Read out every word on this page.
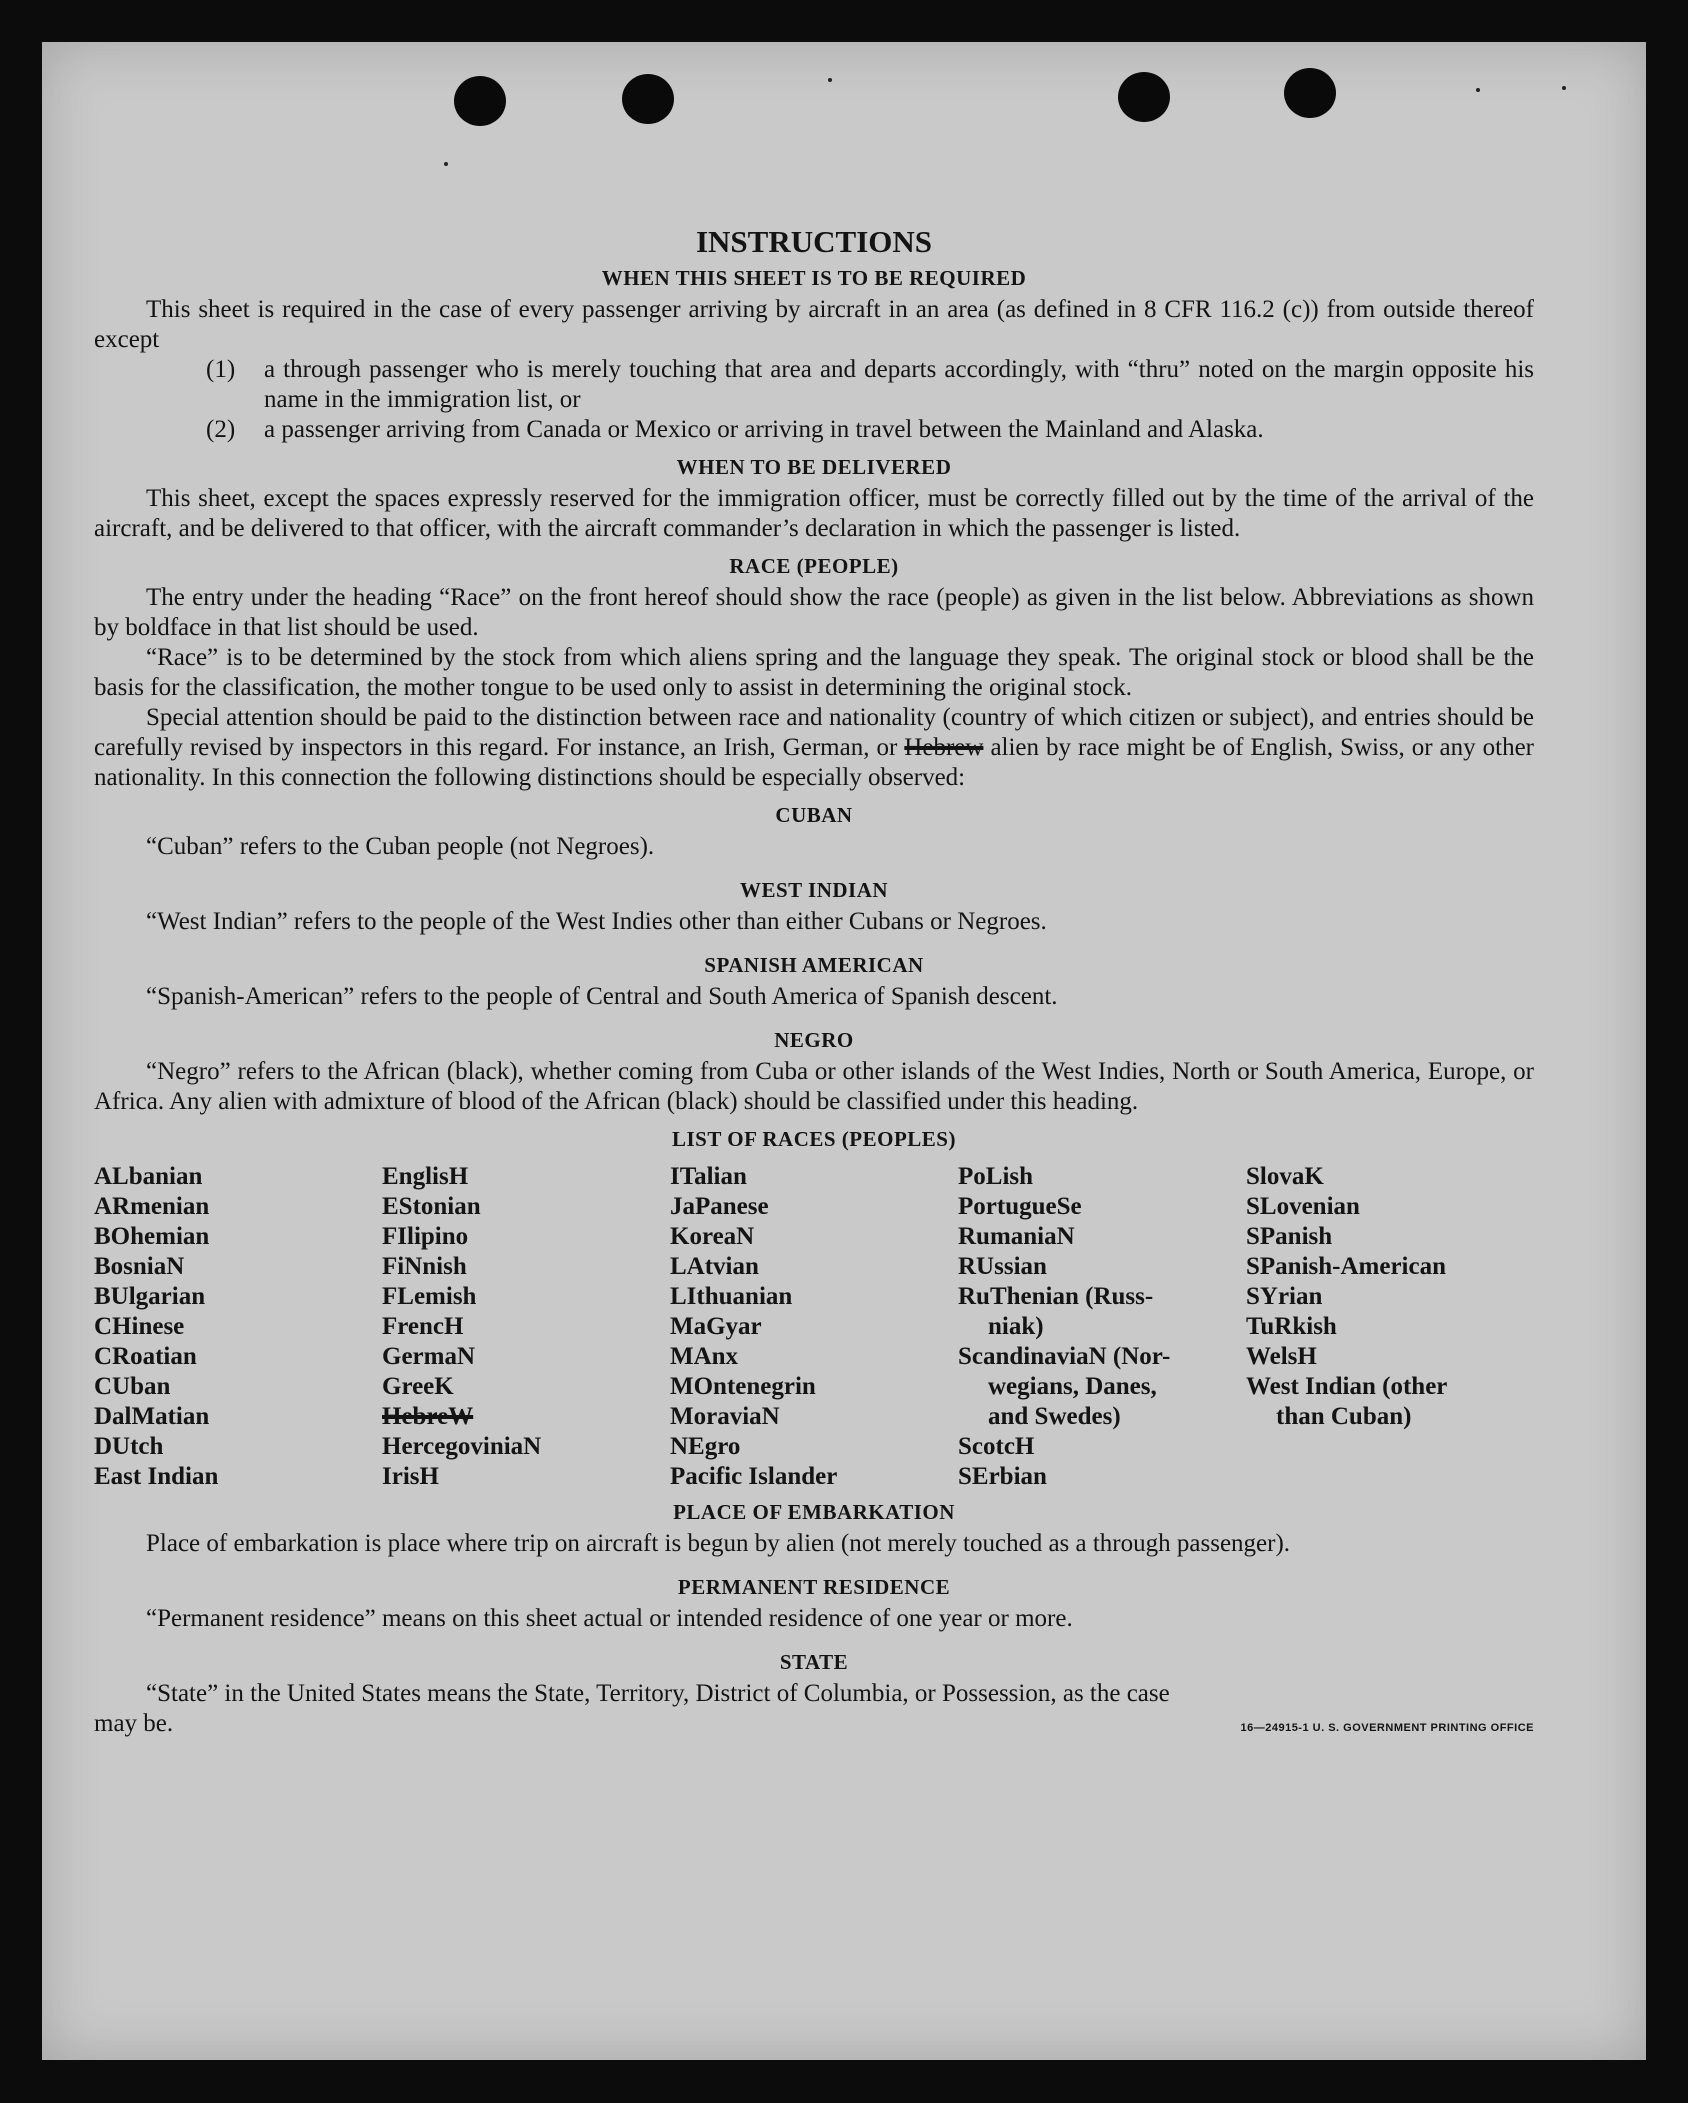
INSTRUCTIONS
WHEN THIS SHEET IS TO BE REQUIRED

This sheet is required in the case of every passenger arriving by aircraft in an area (as defined in 8 CFR 116.2 (c)) from outside thereof except

(1)	a through passenger who is merely touching that area and departs accordingly, with “thru” noted on the margin opposite his name in the immigration list, or
(2)	a passenger arriving from Canada or Mexico or arriving in travel between the Mainland and Alaska.
WHEN TO BE DELIVERED

This sheet, except the spaces expressly reserved for the immigration officer, must be correctly filled out by the time of the arrival of the aircraft, and be delivered to that officer, with the aircraft commander’s declaration in which the passenger is listed.

RACE (PEOPLE)

The entry under the heading “Race” on the front hereof should show the race (people) as given in the list below. Abbreviations as shown by boldface in that list should be used.

“Race” is to be determined by the stock from which aliens spring and the language they speak. The original stock or blood shall be the basis for the classification, the mother tongue to be used only to assist in determining the original stock.

Special attention should be paid to the distinction between race and nationality (country of which citizen or subject), and entries should be carefully revised by inspectors in this regard. For instance, an Irish, German, or Hebrew alien by race might be of English, Swiss, or any other nationality. In this connection the following distinctions should be especially observed:

CUBAN

“Cuban” refers to the Cuban people (not Negroes).

WEST INDIAN

“West Indian” refers to the people of the West Indies other than either Cubans or Negroes.

SPANISH AMERICAN

“Spanish-American” refers to the people of Central and South America of Spanish descent.

NEGRO

“Negro” refers to the African (black), whether coming from Cuba or other islands of the West Indies, North or South America, Europe, or Africa. Any alien with admixture of blood of the African (black) should be classified under this heading.

LIST OF RACES (PEOPLES)
ALbanian
ARmenian
BOhemian
BosniaN
BUlgarian
CHinese
CRoatian
CUban
DalMatian
DUtch
East Indian
EnglisH
EStonian
FIlipino
FiNnish
FLemish
FrencH
GermaN
GreeK
HebreW
HercegoviniaN
IrisH
ITalian
JaPanese
KoreaN
LAtvian
LIthuanian
MaGyar
MAnx
MOntenegrin
MoraviaN
NEgro
Pacific Islander
PoLish
PortugueSe
RumaniaN
RUssian
RuThenian (Russ-
niak)
ScandinaviaN (Nor-
wegians, Danes,
and Swedes)
ScotcH
SErbian
SlovaK
SLovenian
SPanish
SPanish-American
SYrian
TuRkish
WelsH
West Indian (other
than Cuban)
PLACE OF EMBARKATION

Place of embarkation is place where trip on aircraft is begun by alien (not merely touched as a through passenger).

PERMANENT RESIDENCE

“Permanent residence” means on this sheet actual or intended residence of one year or more.

STATE

“State” in the United States means the State, Territory, District of Columbia, or Possession, as the case

may be.	16—24915-1 U. S. GOVERNMENT PRINTING OFFICE
